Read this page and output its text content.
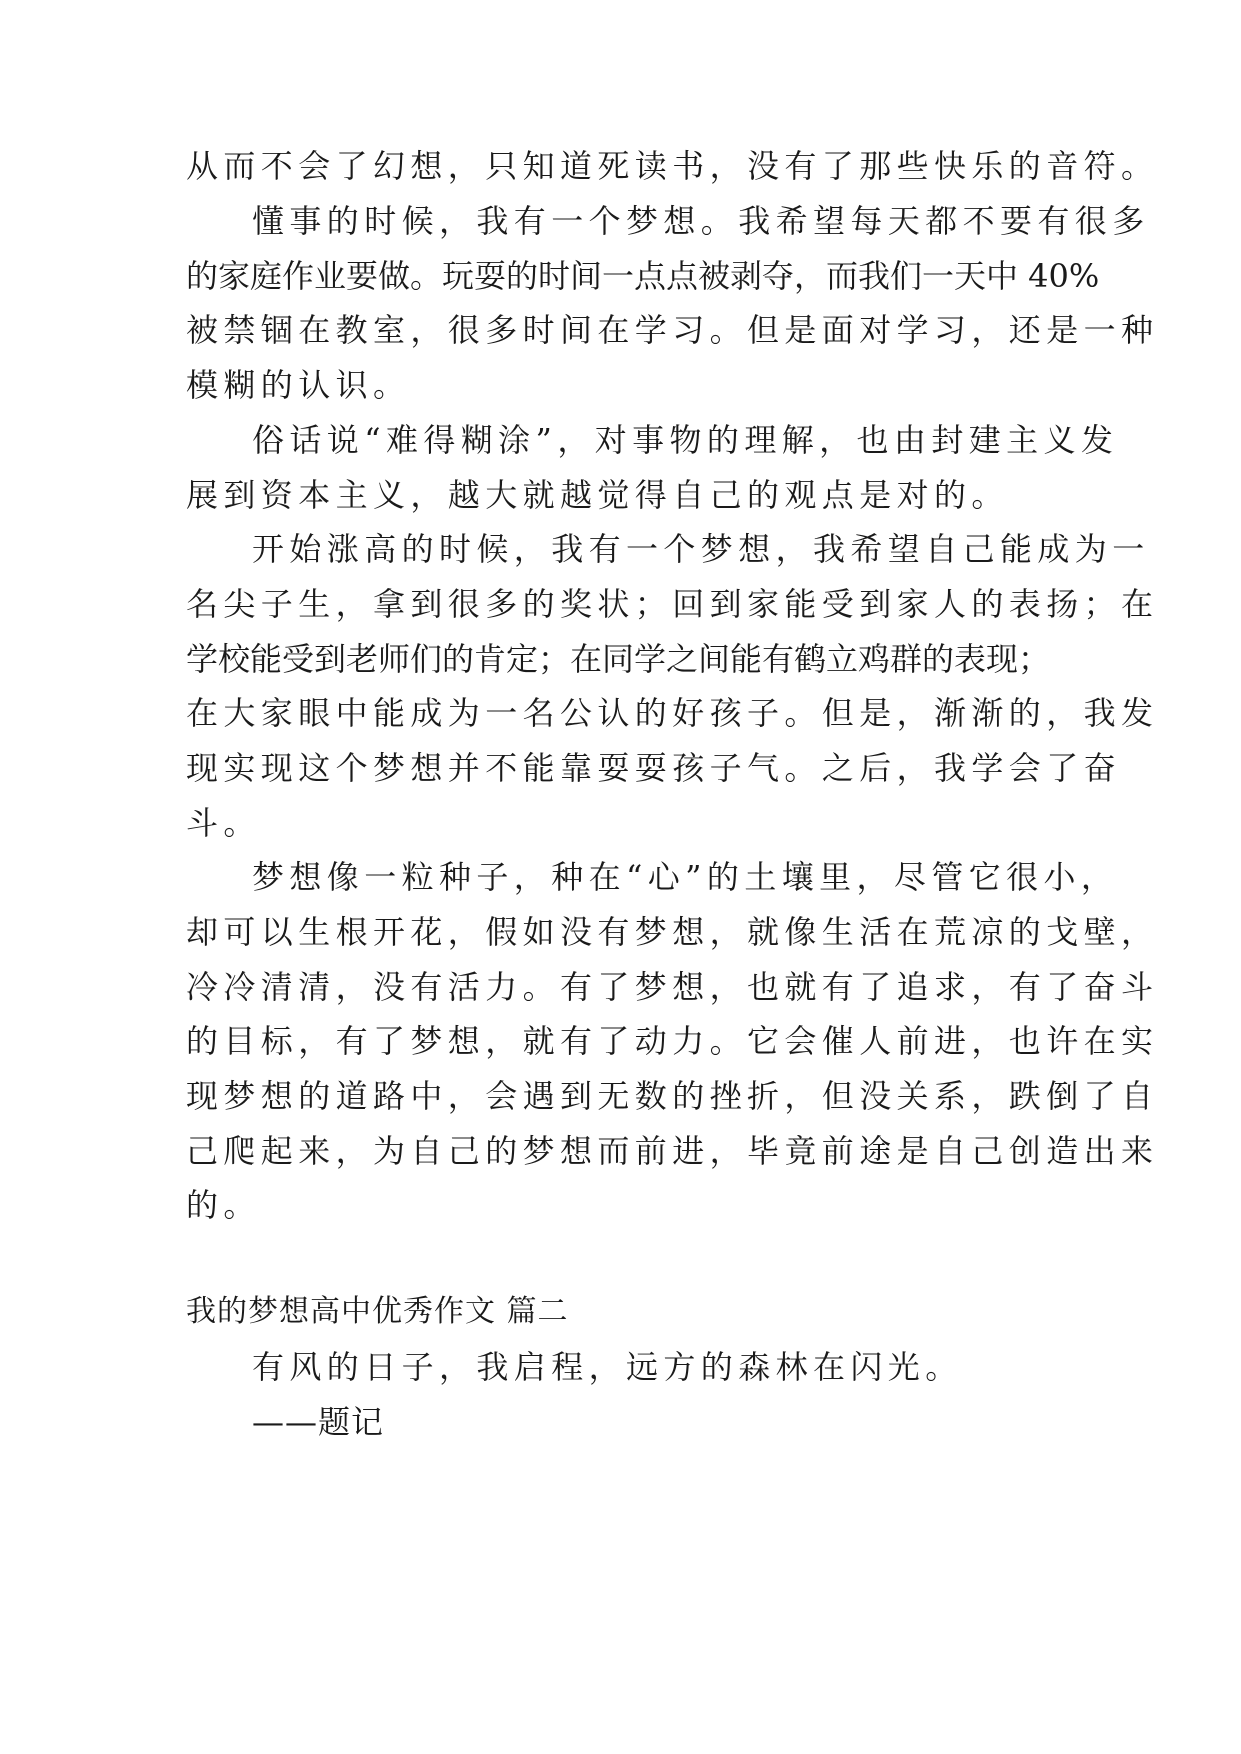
从而不会了幻想，只知道死读书，没有了那些快乐的音符。
懂事的时候，我有一个梦想。我希望每天都不要有很多
的家庭作业要做。玩耍的时间一点点被剥夺，而我们一天中 40%
被禁锢在教室，很多时间在学习。但是面对学习，还是一种
模糊的认识。
俗话说“难得糊涂”，对事物的理解，也由封建主义发
展到资本主义，越大就越觉得自己的观点是对的。
开始涨高的时候，我有一个梦想，我希望自己能成为一
名尖子生，拿到很多的奖状；回到家能受到家人的表扬；在
学校能受到老师们的肯定；在同学之间能有鹤立鸡群的表现；
在大家眼中能成为一名公认的好孩子。但是，渐渐的，我发
现实现这个梦想并不能靠耍耍孩子气。之后，我学会了奋
斗。
梦想像一粒种子，种在“心”的土壤里，尽管它很小，
却可以生根开花，假如没有梦想，就像生活在荒凉的戈壁，
冷冷清清，没有活力。有了梦想，也就有了追求，有了奋斗
的目标，有了梦想，就有了动力。它会催人前进，也许在实
现梦想的道路中，会遇到无数的挫折，但没关系，跌倒了自
己爬起来，为自己的梦想而前进，毕竟前途是自己创造出来
的。
我的梦想高中优秀作文 篇二
有风的日子，我启程，远方的森林在闪光。
——题记
